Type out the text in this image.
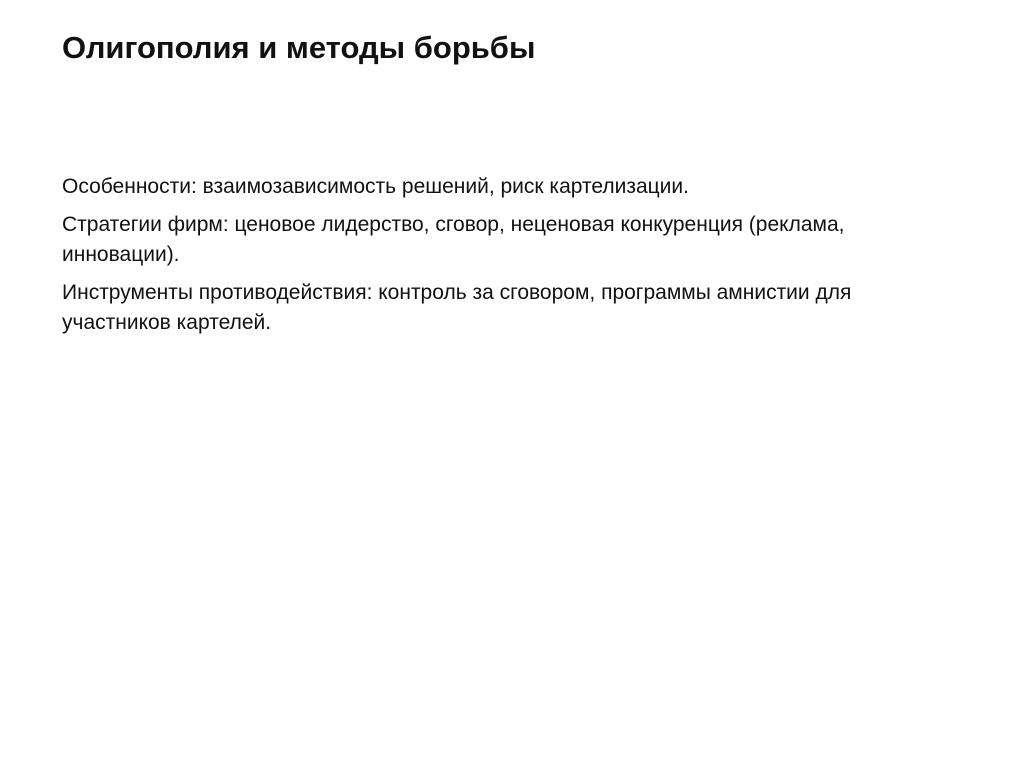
Олигополия и методы борьбы
Особенности: взаимозависимость решений, риск картелизации.
Стратегии фирм: ценовое лидерство, сговор, неценовая конкуренция (реклама, инновации).
Инструменты противодействия: контроль за сговором, программы амнистии для участников картелей.
